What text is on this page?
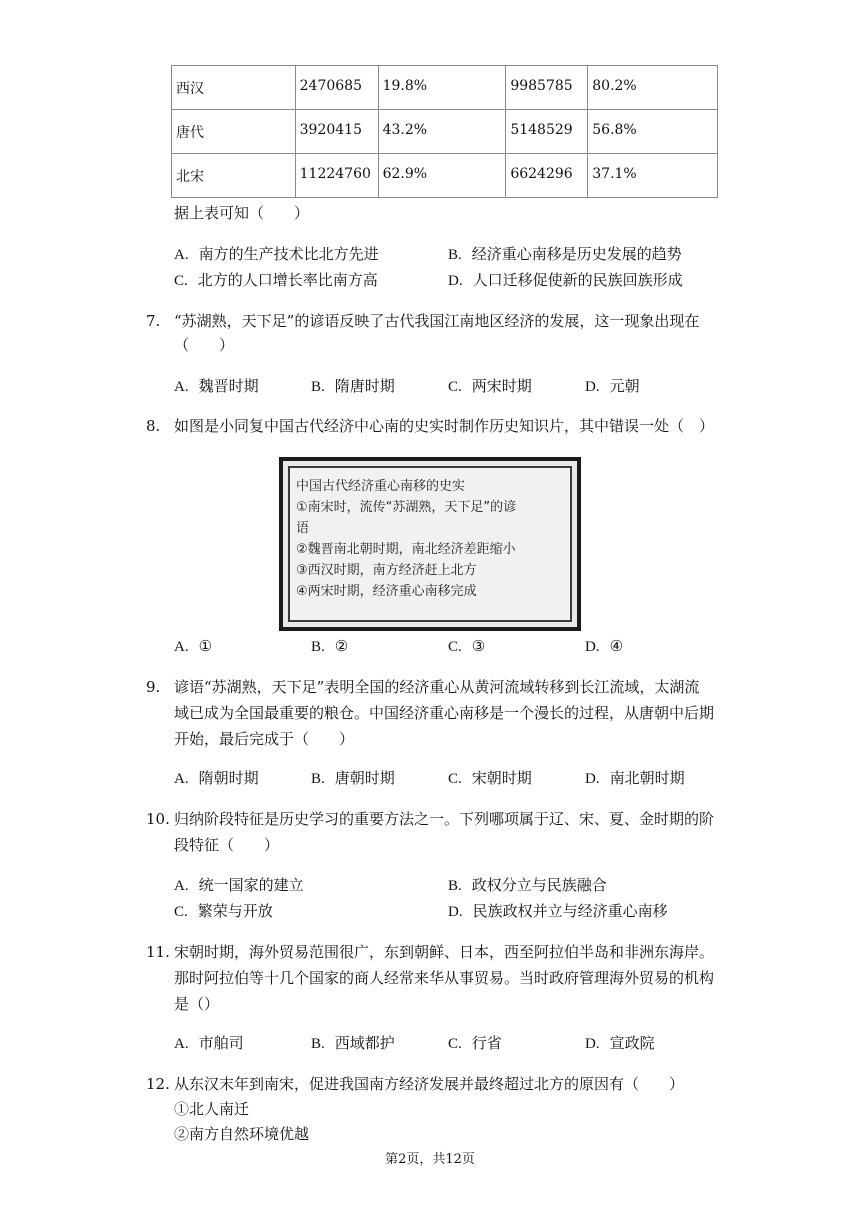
西汉	2470685	19.8%	9985785	80.2%
唐代	3920415	43.2%	5148529	56.8%
北宋	11224760	62.9%	6624296	37.1%
据上表可知（　　）
A. 南方的生产技术比北方先进	B. 经济重心南移是历史发展的趋势
C. 北方的人口增长率比南方高	D. 人口迁移促使新的民族回族形成
7. “苏湖熟，天下足”的谚语反映了古代我国江南地区经济的发展，这一现象出现在
（　　）
A. 魏晋时期	B. 隋唐时期	C. 两宋时期	D. 元朝
8. 如图是小同复中国古代经济中心南的史实时制作历史知识片，其中错误一处（　）
中国古代经济重心南移的史实
①南宋时，流传“苏湖熟，天下足”的谚
语
②魏晋南北朝时期，南北经济差距缩小
③西汉时期，南方经济赶上北方
④两宋时期，经济重心南移完成
A. ①	B. ②	C. ③	D. ④
9. 谚语“苏湖熟，天下足”表明全国的经济重心从黄河流域转移到长江流域，太湖流
域已成为全国最重要的粮仓。中国经济重心南移是一个漫长的过程，从唐朝中后期
开始，最后完成于（　　）
A. 隋朝时期	B. 唐朝时期	C. 宋朝时期	D. 南北朝时期
10. 归纳阶段特征是历史学习的重要方法之一。下列哪项属于辽、宋、夏、金时期的阶
段特征（　　）
A. 统一国家的建立	B. 政权分立与民族融合
C. 繁荣与开放	D. 民族政权并立与经济重心南移
11. 宋朝时期，海外贸易范围很广，东到朝鲜、日本，西至阿拉伯半岛和非洲东海岸。
那时阿拉伯等十几个国家的商人经常来华从事贸易。当时政府管理海外贸易的机构
是（）
A. 市舶司	B. 西域都护	C. 行省	D. 宣政院
12. 从东汉末年到南宋，促进我国南方经济发展并最终超过北方的原因有（　　）
①北人南迁
②南方自然环境优越
第2页，共12页
